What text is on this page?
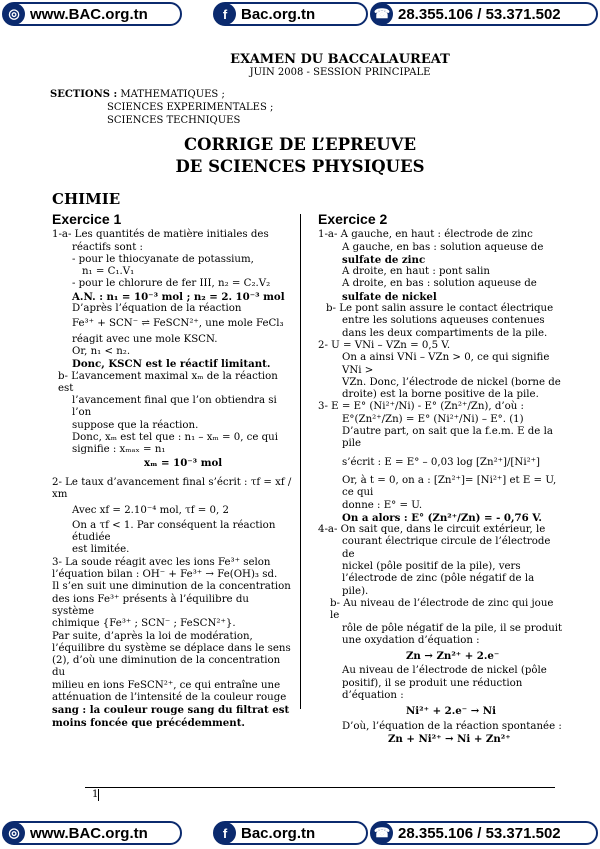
◎ www.BAC.org.tn	f Bac.org.tn	☎ 28.355.106 / 53.371.502
EXAMEN DU BACCALAUREAT
JUIN 2008 - SESSION PRINCIPALE
SECTIONS : MATHEMATIQUES ;
SCIENCES EXPERIMENTALES ;
SCIENCES TECHNIQUES
CORRIGE DE L’EPREUVE
DE SCIENCES PHYSIQUES
CHIMIE
Exercice 1

1-a- Les quantités de matière initiales des

réactifs sont :

- pour le thiocyanate de potassium,

n₁ = C₁.V₁

- pour le chlorure de fer III, n₂ = C₂.V₂

A.N. : n₁ = 10⁻³ mol ; n₂ = 2. 10⁻³ mol

D’après l’équation de la réaction

Fe³⁺ + SCN⁻ ⇌ FeSCN²⁺, une mole FeCl₃

réagit avec une mole KSCN.

Or, n₁ < n₂.

Donc, KSCN est le réactif limitant.

b- L’avancement maximal xₘ de la réaction est

l’avancement final que l’on obtiendra si l’on

suppose que la réaction.

Donc, xₘ est tel que : n₁ – xₘ = 0, ce qui

signifie : xₘₐₓ = n₁

xₘ = 10⁻³ mol

2- Le taux d’avancement final s’écrit : τf = xf / xm

Avec xf = 2.10⁻⁴ mol, τf = 0, 2

On a τf < 1. Par conséquent la réaction étudiée

est limitée.

3- La soude réagit avec les ions Fe³⁺ selon

l’équation bilan : OH⁻ + Fe³⁺ → Fe(OH)₃ sd.

Il s’en suit une diminution de la concentration

des ions Fe³⁺ présents à l’équilibre du système

chimique {Fe³⁺ ; SCN⁻ ; FeSCN²⁺}.

Par suite, d’après la loi de modération,

l’équilibre du système se déplace dans le sens

(2), d’où une diminution de la concentration du

milieu en ions FeSCN²⁺, ce qui entraîne une

atténuation de l’intensité de la couleur rouge

sang : la couleur rouge sang du filtrat est

moins foncée que précédemment.

Exercice 2

1-a- A gauche, en haut : électrode de zinc

A gauche, en bas : solution aqueuse de

sulfate de zinc

A droite, en haut : pont salin

A droite, en bas : solution aqueuse de

sulfate de nickel

b- Le pont salin assure le contact électrique

entre les solutions aqueuses contenues

dans les deux compartiments de la pile.

2- U = VNi – VZn = 0,5 V.

On a ainsi VNi – VZn > 0, ce qui signifie VNi >

VZn. Donc, l’électrode de nickel (borne de

droite) est la borne positive de la pile.

3- E = E° (Ni²⁺/Ni) - E° (Zn²⁺/Zn), d’où :

E°(Zn²⁺/Zn) = E° (Ni²⁺/Ni) – E°. (1)

D’autre part, on sait que la f.e.m. E de la pile

s’écrit : E = E° – 0,03 log [Zn²⁺]/[Ni²⁺]

Or, à t = 0, on a : [Zn²⁺]= [Ni²⁺] et E = U, ce qui

donne : E° = U.

On a alors : E° (Zn²⁺/Zn) = - 0,76 V.

4-a- On sait que, dans le circuit extérieur, le

courant électrique circule de l’électrode de

nickel (pôle positif de la pile), vers

l’électrode de zinc (pôle négatif de la pile).

b- Au niveau de l’électrode de zinc qui joue le

rôle de pôle négatif de la pile, il se produit

une oxydation d’équation :

Zn → Zn²⁺ + 2.e⁻

Au niveau de l’électrode de nickel (pôle

positif), il se produit une réduction

d’équation :

Ni²⁺ + 2.e⁻ → Ni

D’où, l’équation de la réaction spontanée :

Zn + Ni²⁺ → Ni + Zn²⁺

1
◎ www.BAC.org.tn	f Bac.org.tn	☎ 28.355.106 / 53.371.502
